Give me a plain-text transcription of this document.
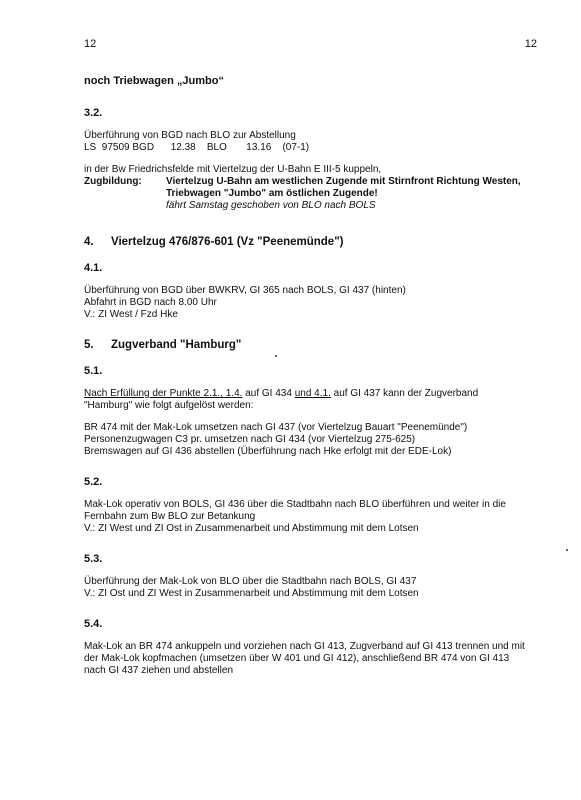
12	12
noch Triebwagen „Jumbo“
3.2.

Überführung von BGD nach BLO zur Abstellung

LS  97509 BGD      12.38    BLO       13.16    (07-1)

in der Bw Friedrichsfelde mit Viertelzug der U-Bahn E III-5 kuppeln,

Zugbildung:	Viertelzug U-Bahn am westlichen Zugende mit Stirnfront Richtung Westen,
Triebwagen "Jumbo" am östlichen Zugende!
fährt Samstag geschoben von BLO nach BOLS
4. Viertelzug 476/876-601 (Vz "Peenemünde")
4.1.

Überführung von BGD über BWKRV, GI 365 nach BOLS, GI 437 (hinten)

Abfahrt in BGD nach 8.00 Uhr

V.: ZI West / Fzd Hke

5. Zugverband "Hamburg"
5.1.

Nach Erfüllung der Punkte 2.1., 1.4. auf GI 434 und 4.1. auf GI 437 kann der Zugverband

"Hamburg" wie folgt aufgelöst werden:

BR 474 mit der Mak-Lok umsetzen nach GI 437 (vor Viertelzug Bauart "Peenemünde")

Personenzugwagen C3 pr. umsetzen nach GI 434 (vor Viertelzug 275-625)

Bremswagen auf GI 436 abstellen (Überführung nach Hke erfolgt mit der EDE-Lok)

5.2.

Mak-Lok operativ von BOLS, GI 436 über die Stadtbahn nach BLO überführen und weiter in die

Fernbahn zum Bw BLO zur Betankung

V.: ZI West und ZI Ost in Zusammenarbeit und Abstimmung mit dem Lotsen

5.3.

Überführung der Mak-Lok von BLO über die Stadtbahn nach BOLS, GI 437

V.: ZI Ost und ZI West in Zusammenarbeit und Abstimmung mit dem Lotsen

5.4.

Mak-Lok an BR 474 ankuppeln und vorziehen nach GI 413, Zugverband auf GI 413 trennen und mit

der Mak-Lok kopfmachen (umsetzen über W 401 und GI 412), anschließend BR 474 von GI 413

nach GI 437 ziehen und abstellen
